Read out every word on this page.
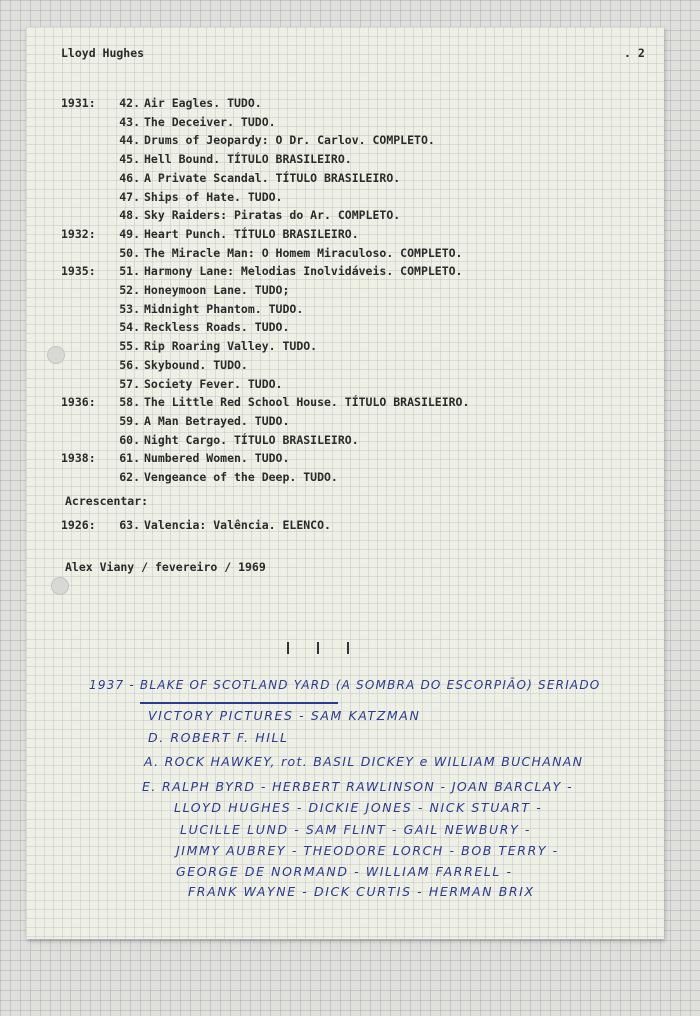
Lloyd Hughes	. 2
1931:	42. Air Eagles. TUDO.
43. The Deceiver. TUDO.
44. Drums of Jeopardy: O Dr. Carlov. COMPLETO.
45. Hell Bound. TÍTULO BRASILEIRO.
46. A Private Scandal. TÍTULO BRASILEIRO.
47. Ships of Hate. TUDO.
48. Sky Raiders: Piratas do Ar. COMPLETO.
1932:	49. Heart Punch. TÍTULO BRASILEIRO.
50. The Miracle Man: O Homem Miraculoso. COMPLETO.
1935:	51. Harmony Lane: Melodias Inolvidáveis. COMPLETO.
52. Honeymoon Lane. TUDO;
53. Midnight Phantom. TUDO.
54. Reckless Roads. TUDO.
55. Rip Roaring Valley. TUDO.
56. Skybound. TUDO.
57. Society Fever. TUDO.
1936:	58. The Little Red School House. TÍTULO BRASILEIRO.
59. A Man Betrayed. TUDO.
60. Night Cargo. TÍTULO BRASILEIRO.
1938:	61. Numbered Women. TUDO.
62. Vengeance of the Deep. TUDO.
Acrescentar:
1926:	63. Valencia: Valência. ELENCO.
Alex Viany / fevereiro / 1969
1937 - BLAKE OF SCOTLAND YARD (A SOMBRA DO ESCORPIÃO) SERIADO
VICTORY PICTURES - SAM KATZMAN
D. ROBERT F. HILL
A. ROCK HAWKEY, rot. BASIL DICKEY e WILLIAM BUCHANAN
E. RALPH BYRD - HERBERT RAWLINSON - JOAN BARCLAY -
LLOYD HUGHES - DICKIE JONES - NICK STUART -
LUCILLE LUND - SAM FLINT - GAIL NEWBURY -
JIMMY AUBREY - THEODORE LORCH - BOB TERRY -
GEORGE DE NORMAND - WILLIAM FARRELL -
FRANK WAYNE - DICK CURTIS - HERMAN BRIX
